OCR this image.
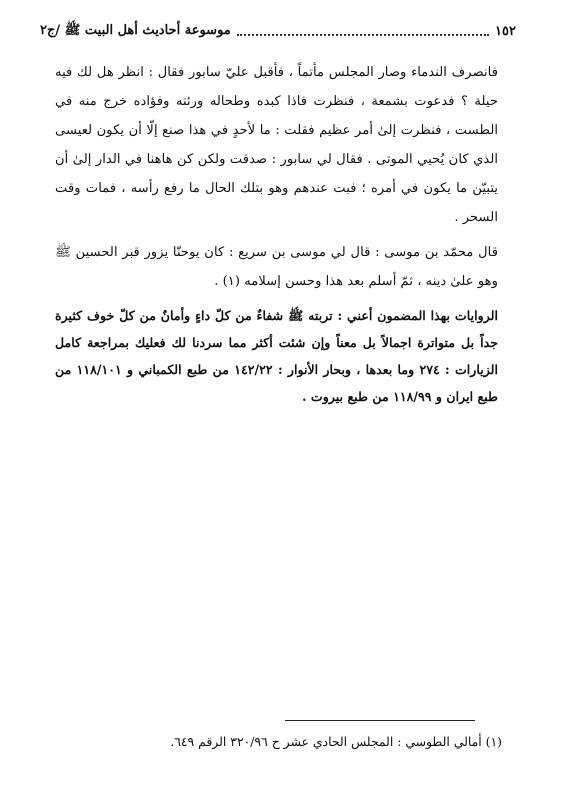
١٥٢
موسوعة أحاديث أهل البيت ﷺ /ج٢

فانصرف الندماء وصار المجلس مأتماً ، فأقبل عليّ سابور فقال : انظر هل لك فيه حيلة ؟ فدعوت بشمعة ، فنظرت فاذا كبده وطحاله ورئته وفؤاده خرج منه في الطست ، فنظرت إلىٰ أمر عظيم فقلت : ما لأحدٍ في هذا صنع إلّا أن يكون لعيسى الذي كان يُحيي الموتى . فقال لي سابور : صدقت ولكن كن هاهنا في الدار إلىٰ أن يتبيّن ما يكون في أمره ؛ فبت عندهم وهو بتلك الحال ما رفع رأسه ، فمات وقت السحر .

قال محمّد بن موسى : قال لي موسى بن سريع : كان يوحنّا يزور قبر الحسين ﷺ وهو علىٰ دينه ، ثمّ أسلم بعد هذا وحسن إسلامه (١) .

الروايات بهذا المضمون أعني : تربته ﷺ شفاءٌ من كلّ داءٍ وأمانٌ من كلّ خوف كثيرة جداً بل متواترة اجمالاً بل معناً وإن شئت أكثر مما سردنا لك فعليك بمراجعة كامل الزيارات : ٢٧٤ وما بعدها ، وبحار الأنوار : ١٤٢/٢٢ من طبع الكمباني و ١١٨/١٠١ من طبع ايران و ١١٨/٩٩ من طبع بيروت .

(١) أمالي الطوسي : المجلس الحادي عشر ح ٣٢٠/٩٦ الرقم ٦٤٩.
